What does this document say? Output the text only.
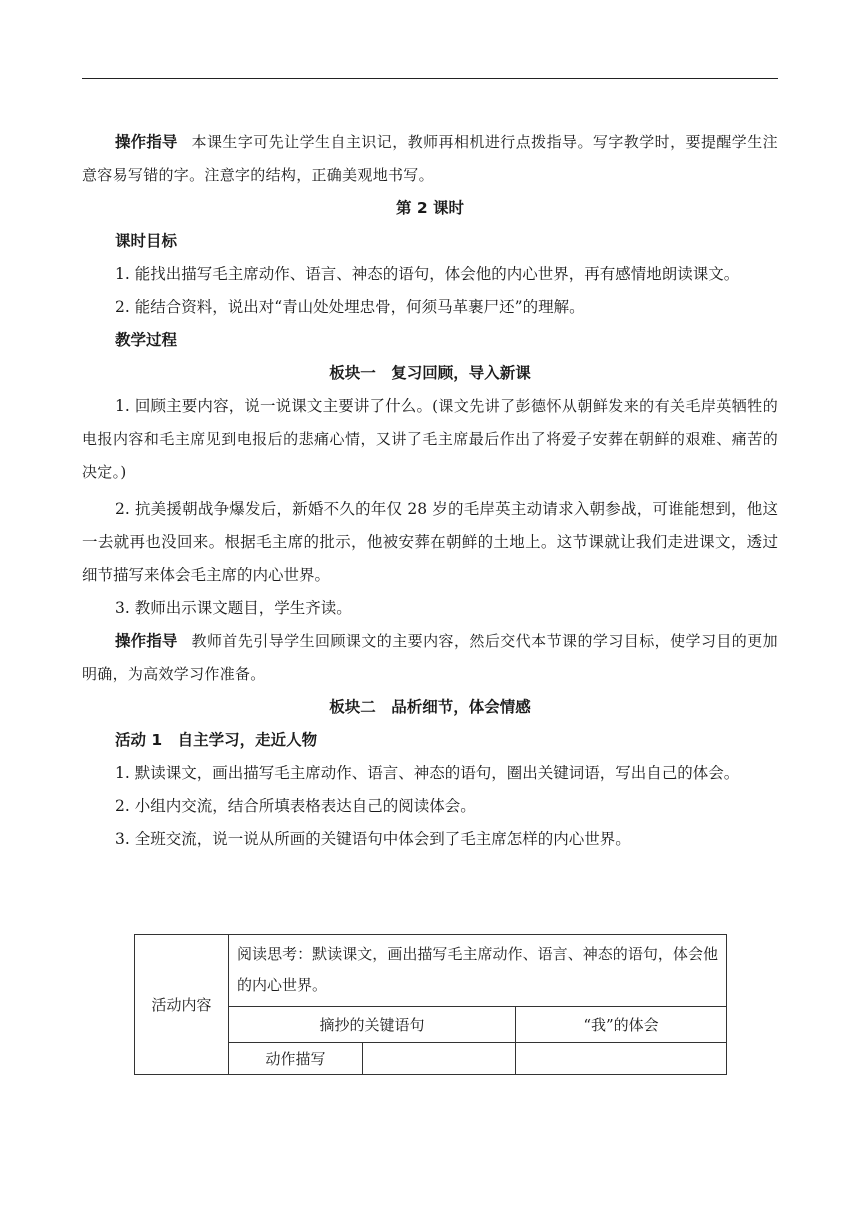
操作指导 本课生字可先让学生自主识记，教师再相机进行点拨指导。写字教学时，要提醒学生注意容易写错的字。注意字的结构，正确美观地书写。

第 2 课时

课时目标

1. 能找出描写毛主席动作、语言、神态的语句，体会他的内心世界，再有感情地朗读课文。

2. 能结合资料，说出对“青山处处埋忠骨，何须马革裹尸还”的理解。

教学过程

板块一　复习回顾，导入新课

1. 回顾主要内容，说一说课文主要讲了什么。(课文先讲了彭德怀从朝鲜发来的有关毛岸英牺牲的电报内容和毛主席见到电报后的悲痛心情，又讲了毛主席最后作出了将爱子安葬在朝鲜的艰难、痛苦的决定。)

2. 抗美援朝战争爆发后，新婚不久的年仅 28 岁的毛岸英主动请求入朝参战，可谁能想到，他这一去就再也没回来。根据毛主席的批示，他被安葬在朝鲜的土地上。这节课就让我们走进课文，透过细节描写来体会毛主席的内心世界。

3. 教师出示课文题目，学生齐读。

操作指导 教师首先引导学生回顾课文的主要内容，然后交代本节课的学习目标，使学习目的更加明确，为高效学习作准备。

板块二　品析细节，体会情感

活动 1　自主学习，走近人物

1. 默读课文，画出描写毛主席动作、语言、神态的语句，圈出关键词语，写出自己的体会。

2. 小组内交流，结合所填表格表达自己的阅读体会。

3. 全班交流，说一说从所画的关键语句中体会到了毛主席怎样的内心世界。

活动内容	阅读思考：默读课文，画出描写毛主席动作、语言、神态的语句，体会他的内心世界。		
	摘抄的关键语句		“我”的体会
	动作描写		
